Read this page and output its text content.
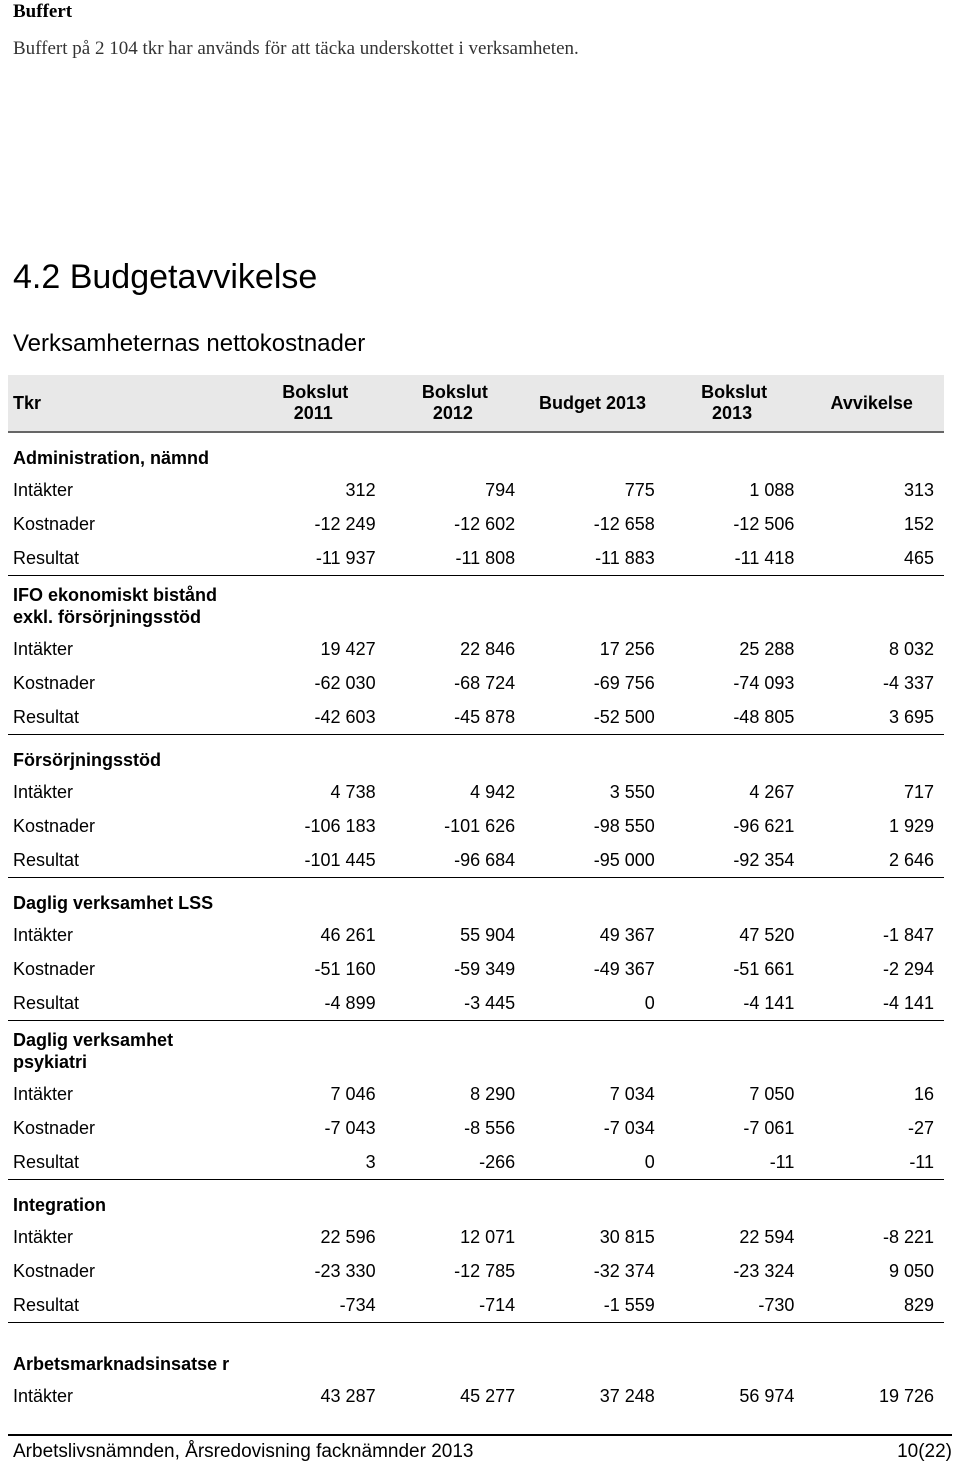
Buffert
Buffert på 2 104 tkr har används för att täcka underskottet i verksamheten.
4.2 Budgetavvikelse
Verksamheternas nettokostnader
Tkr	Bokslut 2011	Bokslut 2012	Budget 2013	Bokslut 2013	Avvikelse
Administration, nämnd					
Intäkter	312	794	775	1 088	313
Kostnader	-12 249	-12 602	-12 658	-12 506	152
Resultat	-11 937	-11 808	-11 883	-11 418	465
IFO ekonomiskt bistånd exkl. försörjningsstöd					
Intäkter	19 427	22 846	17 256	25 288	8 032
Kostnader	-62 030	-68 724	-69 756	-74 093	-4 337
Resultat	-42 603	-45 878	-52 500	-48 805	3 695
Försörjningsstöd					
Intäkter	4 738	4 942	3 550	4 267	717
Kostnader	-106 183	-101 626	-98 550	-96 621	1 929
Resultat	-101 445	-96 684	-95 000	-92 354	2 646
Daglig verksamhet LSS					
Intäkter	46 261	55 904	49 367	47 520	-1 847
Kostnader	-51 160	-59 349	-49 367	-51 661	-2 294
Resultat	-4 899	-3 445	0	-4 141	-4 141
Daglig verksamhet psykiatri					
Intäkter	7 046	8 290	7 034	7 050	16
Kostnader	-7 043	-8 556	-7 034	-7 061	-27
Resultat	3	-266	0	-11	-11
Integration					
Intäkter	22 596	12 071	30 815	22 594	-8 221
Kostnader	-23 330	-12 785	-32 374	-23 324	9 050
Resultat	-734	-714	-1 559	-730	829
Arbetsmarknadsinsatse r					
Intäkter	43 287	45 277	37 248	56 974	19 726
Arbetslivsnämnden, Årsredovisning facknämnder 2013	10(22)
